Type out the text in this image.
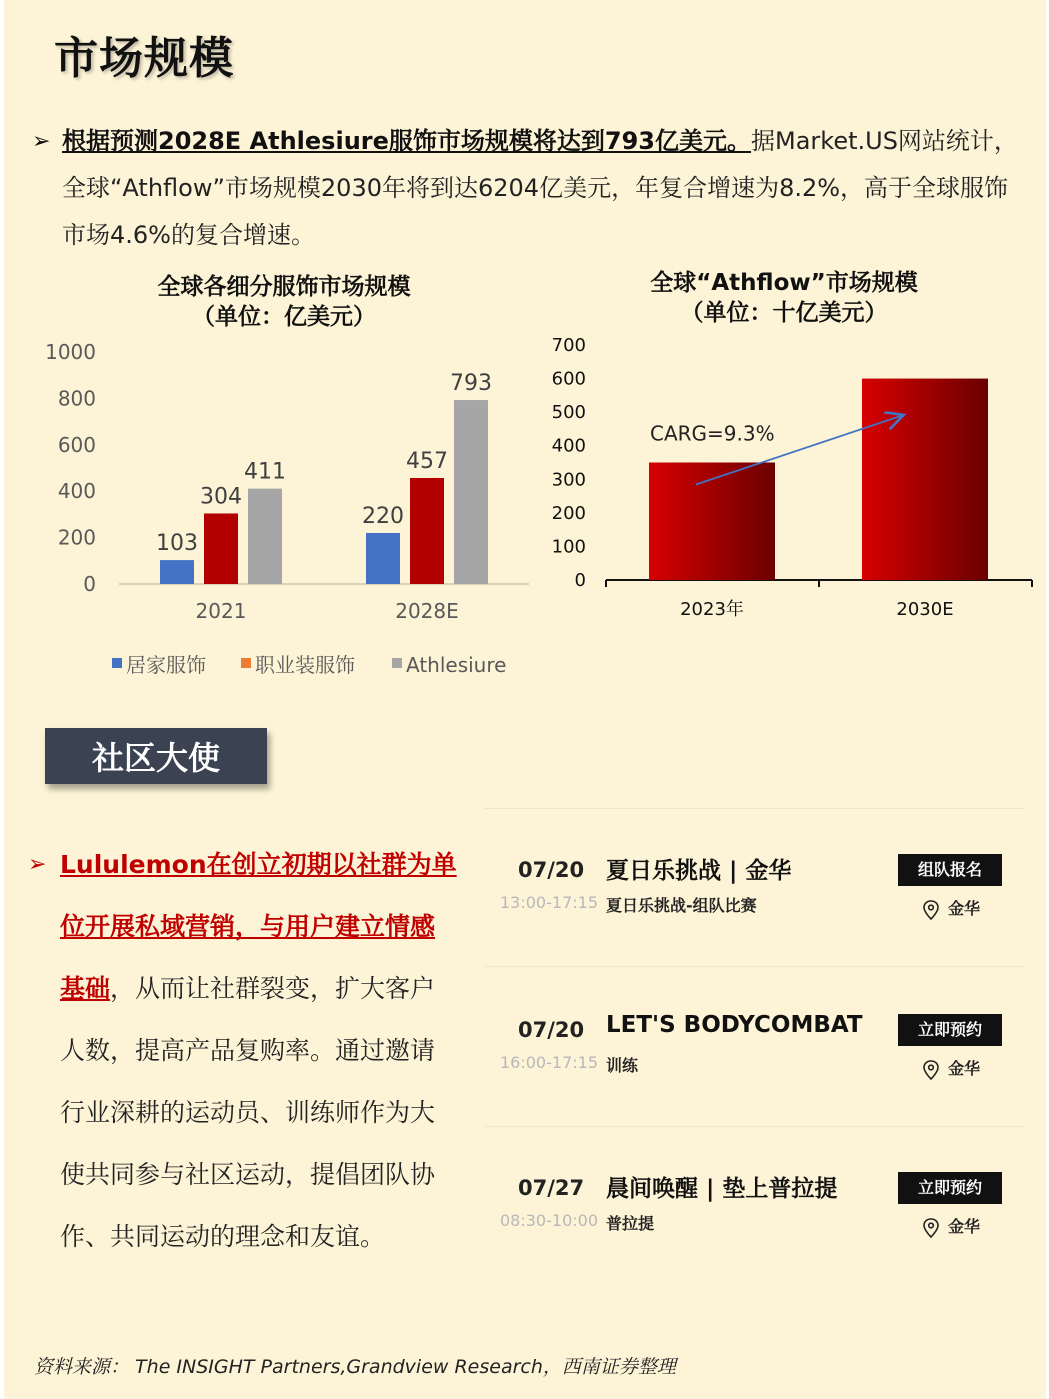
市场规模
➢ 根据预测2028E Athlesiure服饰市场规模将达到793亿美元。据Market.US网站统计，全球“Athflow”市场规模2030年将到达6204亿美元，年复合增速为8.2%，高于全球服饰市场4.6%的复合增速。
全球各细分服饰市场规模
（单位：亿美元）
0
200
400
600
800
1000
103
304
411
2021
220
457
793
2028E
居家服饰 职业装服饰	Athlesiure
全球“Athflow”市场规模
（单位：十亿美元）
0
100
200
300
400
500
600
700
2023年	2030E
CARG=9.3%
社区大使
➢ Lululemon在创立初期以社群为单位开展私域营销，与用户建立情感基础，从而让社群裂变，扩大客户人数，提高产品复购率。通过邀请行业深耕的运动员、训练师作为大使共同参与社区运动，提倡团队协作、共同运动的理念和友谊。
07/20 夏日乐挑战 | 金华
13:00-17:15 夏日乐挑战-组队比赛
组队报名
金华
07/20 LET'S BODYCOMBAT
16:00-17:15 训练
立即预约
金华
07/27 晨间唤醒 | 垫上普拉提
08:30-10:00 普拉提
立即预约
金华
资料来源： The INSIGHT Partners,Grandview Research，西南证券整理
